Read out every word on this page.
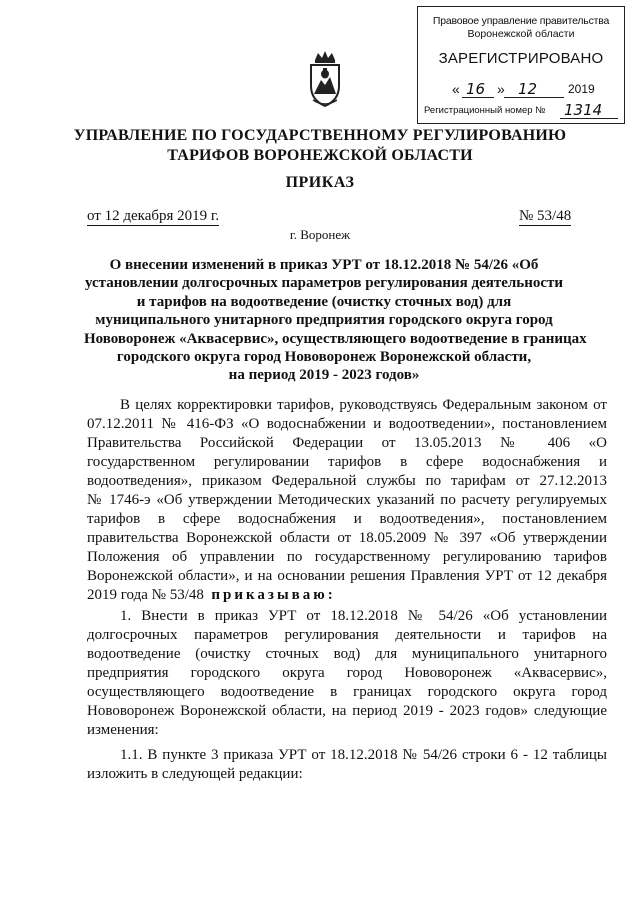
Правовое управление правительства
Воронежской области
ЗАРЕГИСТРИРОВАНО
« 16 » 12	2019
Регистрационный номер № 1314
УПРАВЛЕНИЕ ПО ГОСУДАРСТВЕННОМУ РЕГУЛИРОВАНИЮ
ТАРИФОВ ВОРОНЕЖСКОЙ ОБЛАСТИ
ПРИКАЗ
от 12 декабря 2019 г.	№ 53/48
г. Воронеж
О внесении изменений в приказ УРТ от 18.12.2018 № 54/26 «Об
установлении долгосрочных параметров регулирования деятельности
и тарифов на водоотведение (очистку сточных вод) для
муниципального унитарного предприятия городского округа город
Нововоронеж «Аквасервис», осуществляющего водоотведение в границах
городского округа город Нововоронеж Воронежской области,
на период 2019 - 2023 годов»
В целях корректировки тарифов, руководствуясь Федеральным законом от
07.12.2011 № 416-ФЗ «О водоснабжении и водоотведении», постановлением
Правительства Российской Федерации от 13.05.2013 № 406 «О
государственном регулировании тарифов в сфере водоснабжения и
водоотведения», приказом Федеральной службы по тарифам от 27.12.2013
№ 1746-э «Об утверждении Методических указаний по расчету регулируемых
тарифов в сфере водоснабжения и водоотведения», постановлением
правительства Воронежской области от 18.05.2009 № 397 «Об утверждении
Положения об управлении по государственному регулированию тарифов
Воронежской области», и на основании решения Правления УРТ от 12 декабря
2019 года № 53/48 приказываю:
1. Внести в приказ УРТ от 18.12.2018 № 54/26 «Об установлении
долгосрочных параметров регулирования деятельности и тарифов на
водоотведение (очистку сточных вод) для муниципального унитарного
предприятия городского округа город Нововоронеж «Аквасервис»,
осуществляющего водоотведение в границах городского округа город
Нововоронеж Воронежской области, на период 2019 - 2023 годов» следующие
изменения:
1.1. В пункте 3 приказа УРТ от 18.12.2018 № 54/26 строки 6 - 12 таблицы
изложить в следующей редакции:
